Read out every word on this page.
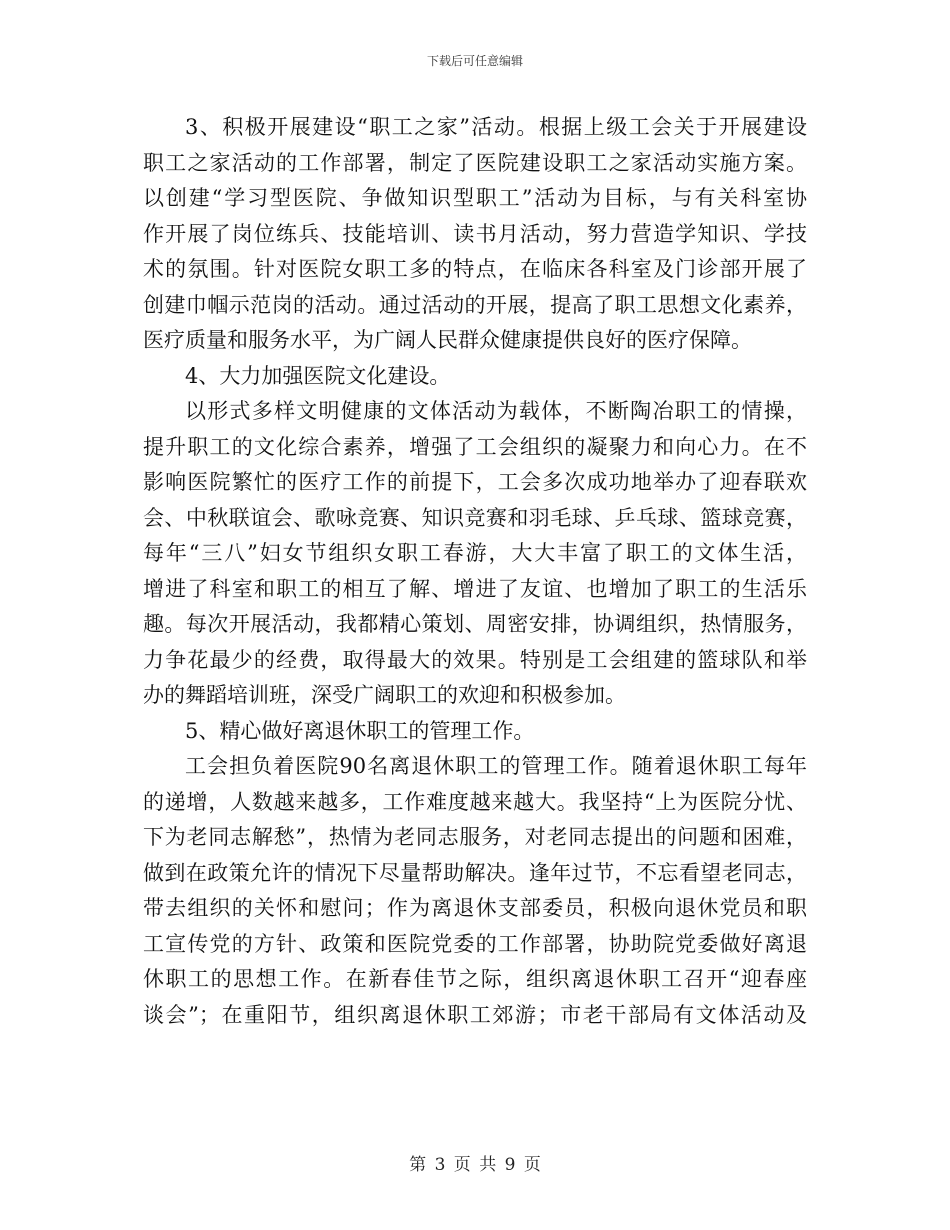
下载后可任意编辑
3、积极开展建设“职工之家”活动。根据上级工会关于开展建设
职工之家活动的工作部署，制定了医院建设职工之家活动实施方案。
以创建“学习型医院、争做知识型职工”活动为目标，与有关科室协
作开展了岗位练兵、技能培训、读书月活动，努力营造学知识、学技
术的氛围。针对医院女职工多的特点，在临床各科室及门诊部开展了
创建巾帼示范岗的活动。通过活动的开展，提高了职工思想文化素养，
医疗质量和服务水平，为广阔人民群众健康提供良好的医疗保障。
4、大力加强医院文化建设。
以形式多样文明健康的文体活动为载体，不断陶冶职工的情操，
提升职工的文化综合素养，增强了工会组织的凝聚力和向心力。在不
影响医院繁忙的医疗工作的前提下，工会多次成功地举办了迎春联欢
会、中秋联谊会、歌咏竞赛、知识竞赛和羽毛球、乒乓球、篮球竞赛，
每年“三八”妇女节组织女职工春游，大大丰富了职工的文体生活，
增进了科室和职工的相互了解、增进了友谊、也增加了职工的生活乐
趣。每次开展活动，我都精心策划、周密安排，协调组织，热情服务，
力争花最少的经费，取得最大的效果。特别是工会组建的篮球队和举
办的舞蹈培训班，深受广阔职工的欢迎和积极参加。
5、精心做好离退休职工的管理工作。
工会担负着医院90名离退休职工的管理工作。随着退休职工每年
的递增，人数越来越多，工作难度越来越大。我坚持“上为医院分忧、
下为老同志解愁”，热情为老同志服务，对老同志提出的问题和困难，
做到在政策允许的情况下尽量帮助解决。逢年过节，不忘看望老同志，
带去组织的关怀和慰问；作为离退休支部委员，积极向退休党员和职
工宣传党的方针、政策和医院党委的工作部署，协助院党委做好离退
休职工的思想工作。在新春佳节之际，组织离退休职工召开“迎春座
谈会”；在重阳节，组织离退休职工郊游；市老干部局有文体活动及
第 3 页 共 9 页
